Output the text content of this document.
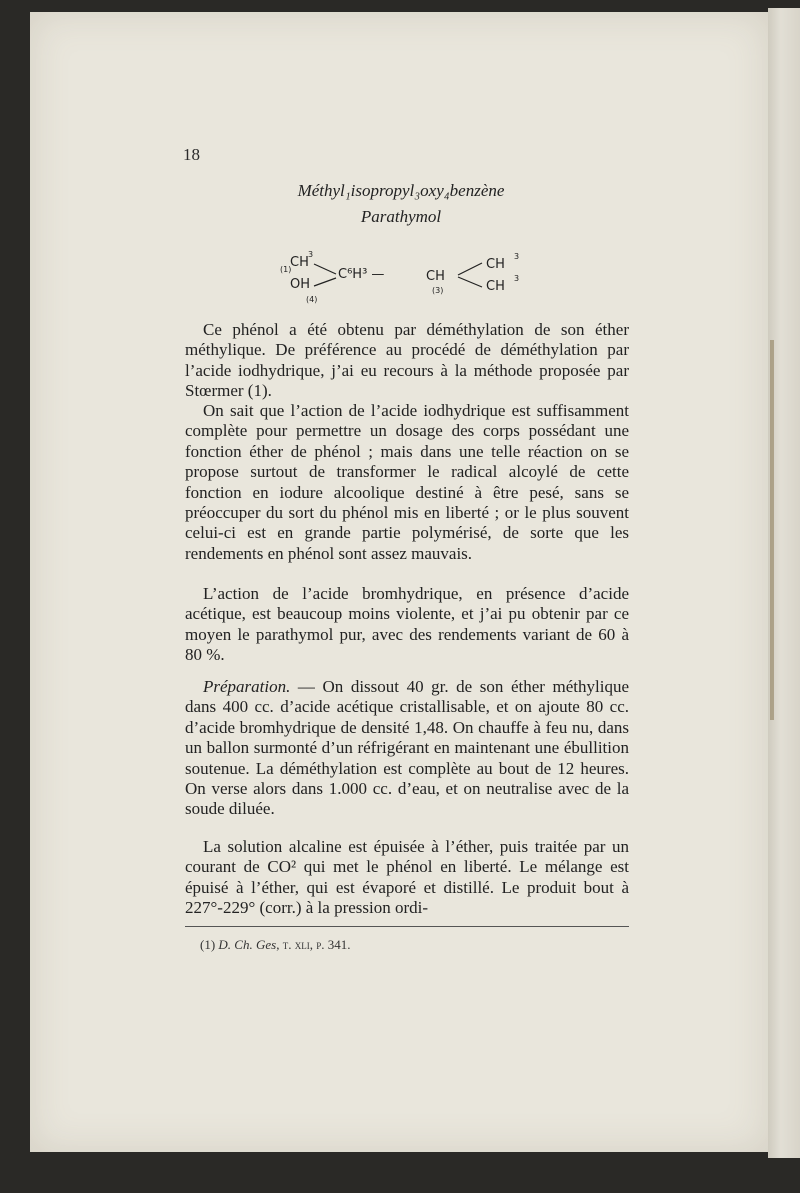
18
Méthyl₁isopropyl₃oxy₄benzène
Parathymol
CH
3
(1)
OH
(4)
C⁶H³ —	CH
(3)
CH
3
CH
3
Ce phénol a été obtenu par déméthylation de son éther méthylique. De préférence au procédé de déméthylation par l’acide iodhydrique, j’ai eu recours à la méthode proposée par Stœrmer (1).
On sait que l’action de l’acide iodhydrique est suffisamment complète pour permettre un dosage des corps possédant une fonction éther de phénol ; mais dans une telle réaction on se propose surtout de transformer le radical alcoylé de cette fonction en iodure alcoolique destiné à être pesé, sans se préoccuper du sort du phénol mis en liberté ; or le plus souvent celui-ci est en grande partie polymérisé, de sorte que les rendements en phénol sont assez mauvais.
L’action de l’acide bromhydrique, en présence d’acide acétique, est beaucoup moins violente, et j’ai pu obtenir par ce moyen le parathymol pur, avec des rendements variant de 60 à 80 %.
Préparation. — On dissout 40 gr. de son éther méthylique dans 400 cc. d’acide acétique cristallisable, et on ajoute 80 cc. d’acide bromhydrique de densité 1,48. On chauffe à feu nu, dans un ballon surmonté d’un réfrigérant en maintenant une ébullition soutenue. La déméthylation est complète au bout de 12 heures. On verse alors dans 1.000 cc. d’eau, et on neutralise avec de la soude diluée.
La solution alcaline est épuisée à l’éther, puis traitée par un courant de CO² qui met le phénol en liberté. Le mélange est épuisé à l’éther, qui est évaporé et distillé. Le produit bout à 227°-229° (corr.) à la pression ordi-
(1) D. Ch. Ges, t. xli, p. 341.
